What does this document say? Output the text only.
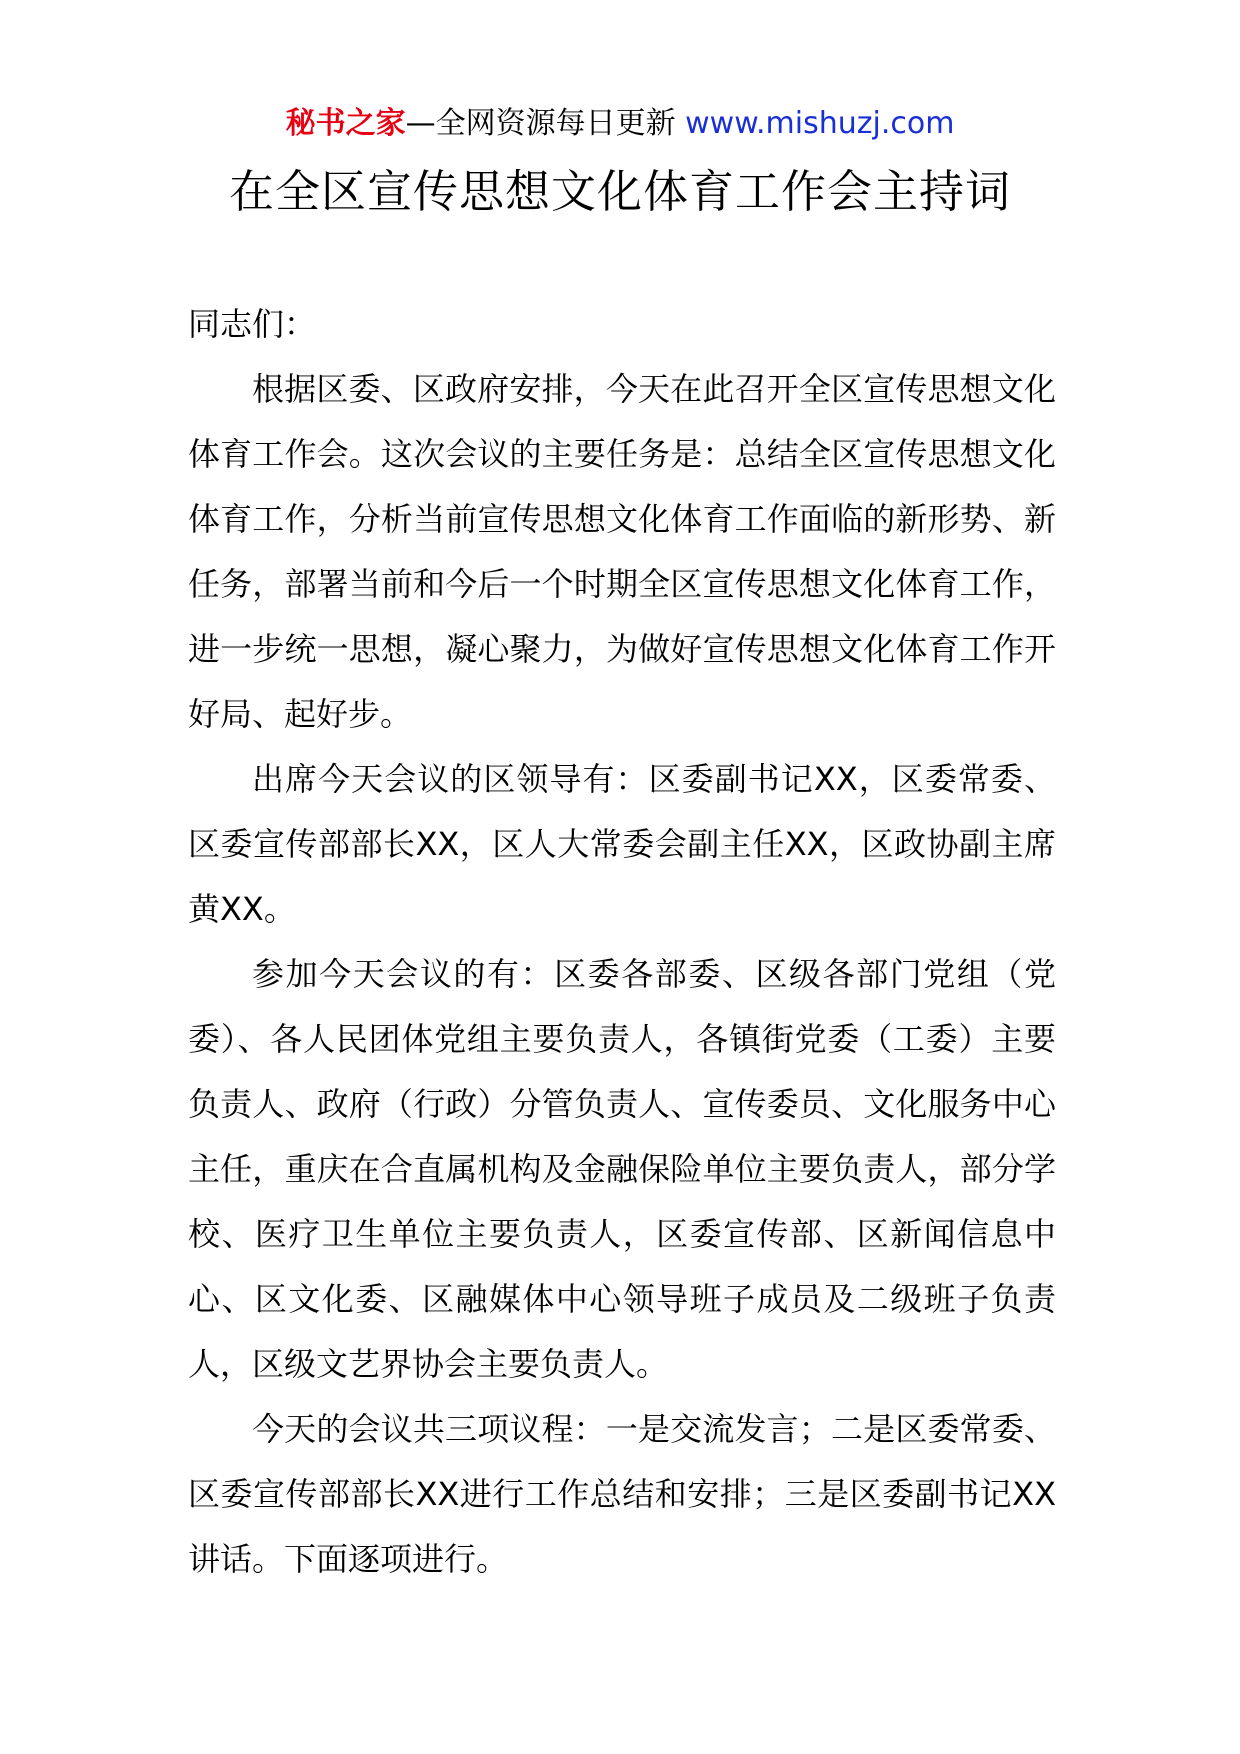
秘书之家—全网资源每日更新 www.mishuzj.com
在全区宣传思想文化体育工作会主持词

同志们：

根据区委、区政府安排，今天在此召开全区宣传思想文化体育工作会。这次会议的主要任务是：总结全区宣传思想文化体育工作，分析当前宣传思想文化体育工作面临的新形势、新任务，部署当前和今后一个时期全区宣传思想文化体育工作，进一步统一思想，凝心聚力，为做好宣传思想文化体育工作开好局、起好步。

出席今天会议的区领导有：区委副书记XX，区委常委、区委宣传部部长XX，区人大常委会副主任XX，区政协副主席黄XX。

参加今天会议的有：区委各部委、区级各部门党组（党委）、各人民团体党组主要负责人，各镇街党委（工委）主要负责人、政府（行政）分管负责人、宣传委员、文化服务中心主任，重庆在合直属机构及金融保险单位主要负责人，部分学校、医疗卫生单位主要负责人，区委宣传部、区新闻信息中心、区文化委、区融媒体中心领导班子成员及二级班子负责人，区级文艺界协会主要负责人。

今天的会议共三项议程：一是交流发言；二是区委常委、区委宣传部部长XX进行工作总结和安排；三是区委副书记XX讲话。下面逐项进行。
